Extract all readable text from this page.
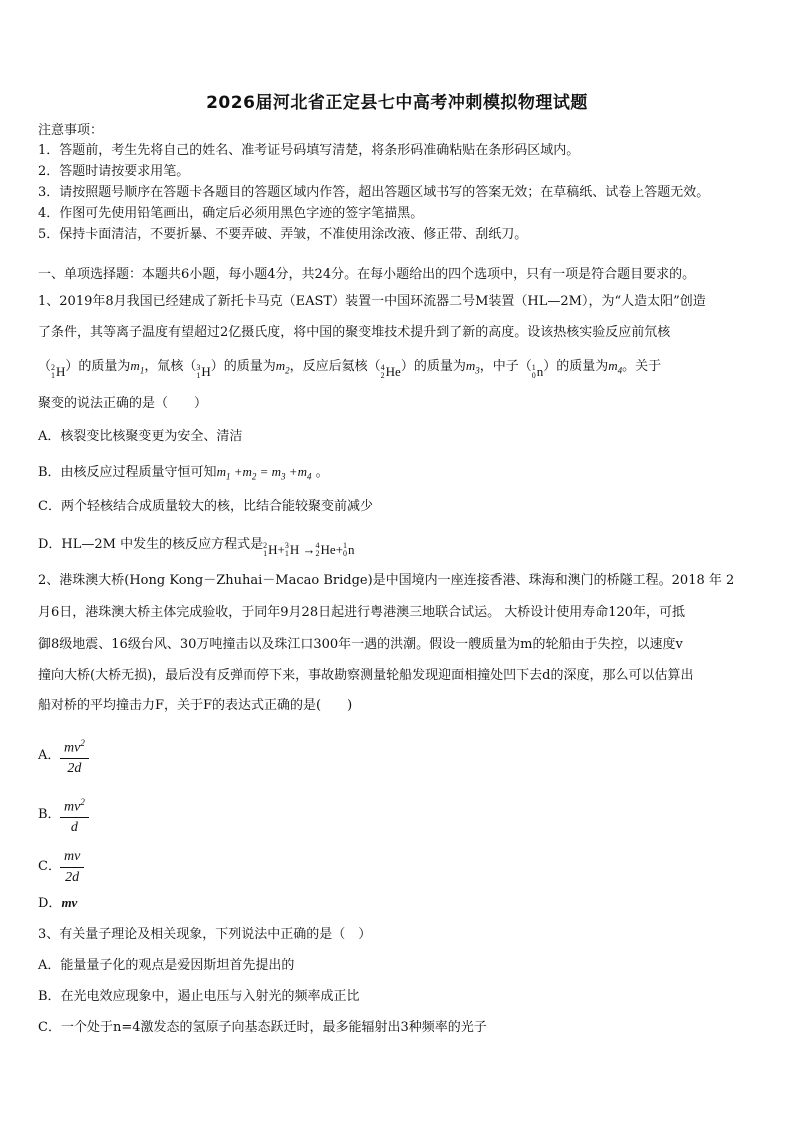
2026届河北省正定县七中高考冲刺模拟物理试题
注意事项：
1．答题前，考生先将自己的姓名、准考证号码填写清楚，将条形码准确粘贴在条形码区域内。
2．答题时请按要求用笔。
3．请按照题号顺序在答题卡各题目的答题区域内作答，超出答题区域书写的答案无效；在草稿纸、试卷上答题无效。
4．作图可先使用铅笔画出，确定后必须用黑色字迹的签字笔描黑。
5．保持卡面清洁，不要折暴、不要弄破、弄皱，不准使用涂改液、修正带、刮纸刀。
一、单项选择题：本题共6小题，每小题4分，共24分。在每小题给出的四个选项中，只有一项是符合题目要求的。
1、2019年8月我国已经建成了新托卡马克（EAST）装置一中国环流器二号M装置（HL—2M），为“人造太阳”创造
了条件，其等离子温度有望超过2亿摄氏度，将中国的聚变堆技术提升到了新的高度。设该热核实验反应前氘核
（ 2
1 H）的质量为$m_1$，氚核（ 3
1 H）的质量为$m_2$，反应后氦核（ 4
2 He）的质量为$m_3$，中子（ 1
0 n）的质量为$m_4$。关于
聚变的说法正确的是（　　）
A．核裂变比核聚变更为安全、清洁
B．由核反应过程质量守恒可知$m_1 +m_2 = m_3 +m_4$ 。
C．两个轻核结合成质量较大的核，比结合能较聚变前减少
D．HL—2M 中发生的核反应方程式是 2
1 H+ 3
1 H → 4
2 He+ 1
0 n
2、港珠澳大桥(Hong Kong－Zhuhai－Macao Bridge)是中国境内一座连接香港、珠海和澳门的桥隧工程。2018 年 2
月6日，港珠澳大桥主体完成验收，于同年9月28日起进行粤港澳三地联合试运。 大桥设计使用寿命120年，可抵
御8级地震、16级台风、30万吨撞击以及珠江口300年一遇的洪潮。假设一艘质量为m的轮船由于失控，以速度v
撞向大桥(大桥无损)，最后没有反弹而停下来，事故勘察测量轮船发现迎面相撞处凹下去d的深度，那么可以估算出
船对桥的平均撞击力F，关于F的表达式正确的是(　　)
A． $\frac{mv^2}{2d}$
B． $\frac{mv^2}{d}$
C． $\frac{mv}{2d}$
D．mv
3、有关量子理论及相关现象，下列说法中正确的是（　）
A．能量量子化的观点是爱因斯坦首先提出的
B．在光电效应现象中，遏止电压与入射光的频率成正比
C．一个处于n=4激发态的氢原子向基态跃迁时，最多能辐射出3种频率的光子
